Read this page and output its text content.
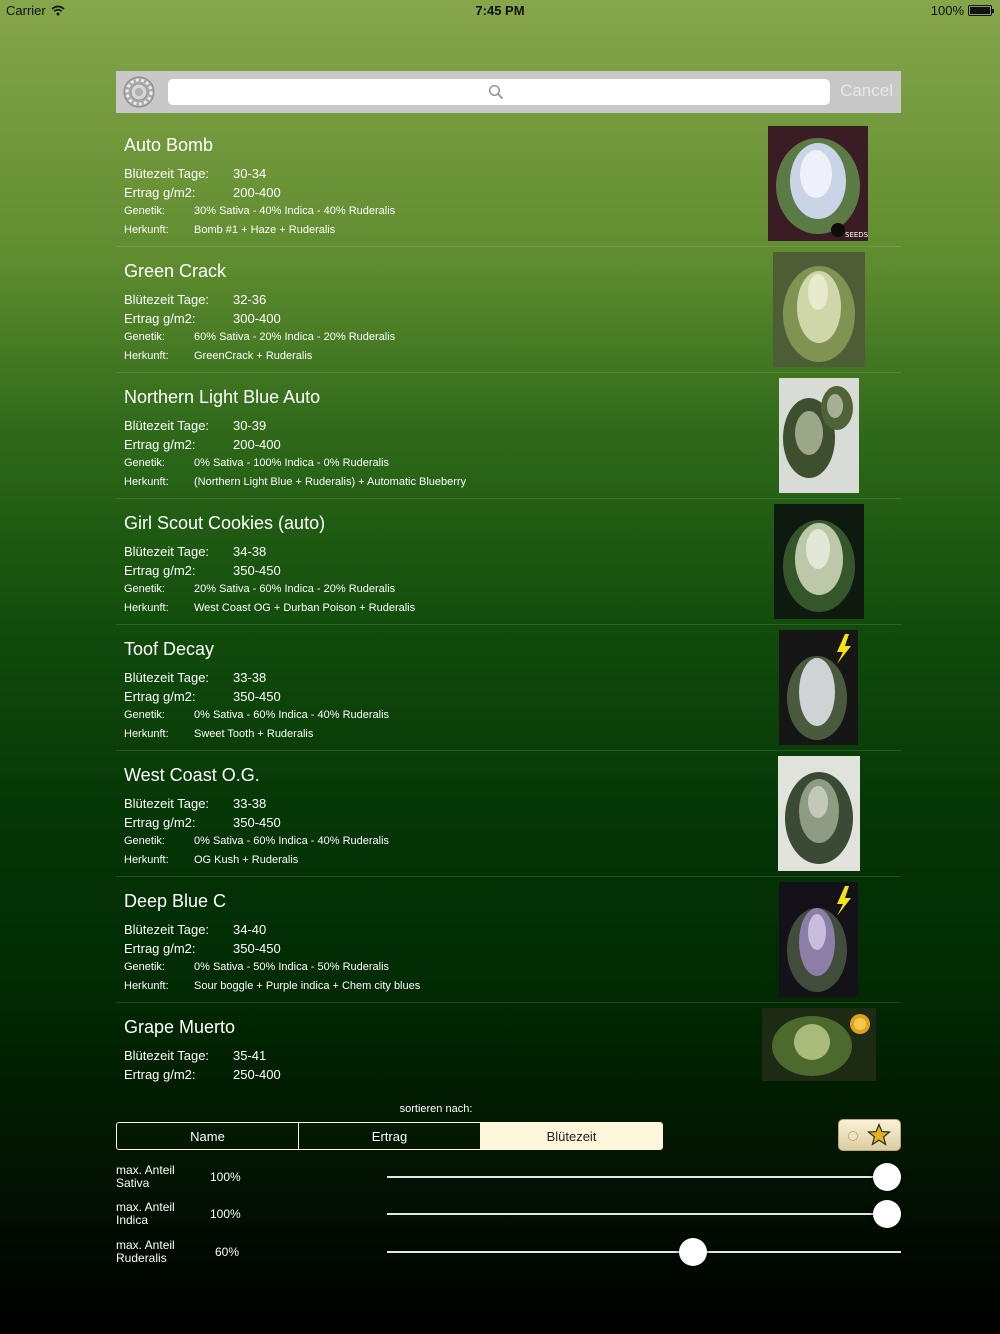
Carrier	7:45 PM	100%
Cancel
Auto Bomb
Blütezeit Tage: 30-34
Ertrag g/m2:	200-400
Genetik:	30% Sativa - 40% Indica - 40% Ruderalis
Herkunft: Bomb #1 + Haze + Ruderalis	SEEDS
Green Crack
Blütezeit Tage: 32-36
Ertrag g/m2:	300-400
Genetik:	60% Sativa - 20% Indica - 20% Ruderalis
Herkunft: GreenCrack + Ruderalis
Northern Light Blue Auto
Blütezeit Tage: 30-39
Ertrag g/m2:	200-400
Genetik:	0% Sativa - 100% Indica - 0% Ruderalis
Herkunft: (Northern Light Blue + Ruderalis) + Automatic Blueberry
Girl Scout Cookies (auto)
Blütezeit Tage: 34-38
Ertrag g/m2:	350-450
Genetik:	20% Sativa - 60% Indica - 20% Ruderalis
Herkunft: West Coast OG + Durban Poison + Ruderalis
Toof Decay
Blütezeit Tage: 33-38
Ertrag g/m2:	350-450
Genetik:	0% Sativa - 60% Indica - 40% Ruderalis
Herkunft: Sweet Tooth + Ruderalis
West Coast O.G.
Blütezeit Tage: 33-38
Ertrag g/m2:	350-450
Genetik:	0% Sativa - 60% Indica - 40% Ruderalis
Herkunft: OG Kush + Ruderalis
Deep Blue C
Blütezeit Tage: 34-40
Ertrag g/m2:	350-450
Genetik:	0% Sativa - 50% Indica - 50% Ruderalis
Herkunft: Sour boggle + Purple indica + Chem city blues
Grape Muerto
Blütezeit Tage: 35-41
Ertrag g/m2:	250-400
sortieren nach:
Name	Ertrag	Blütezeit
max. Anteil Sativa	100%
max. Anteil Indica	100%
max. Anteil Ruderalis	60%
